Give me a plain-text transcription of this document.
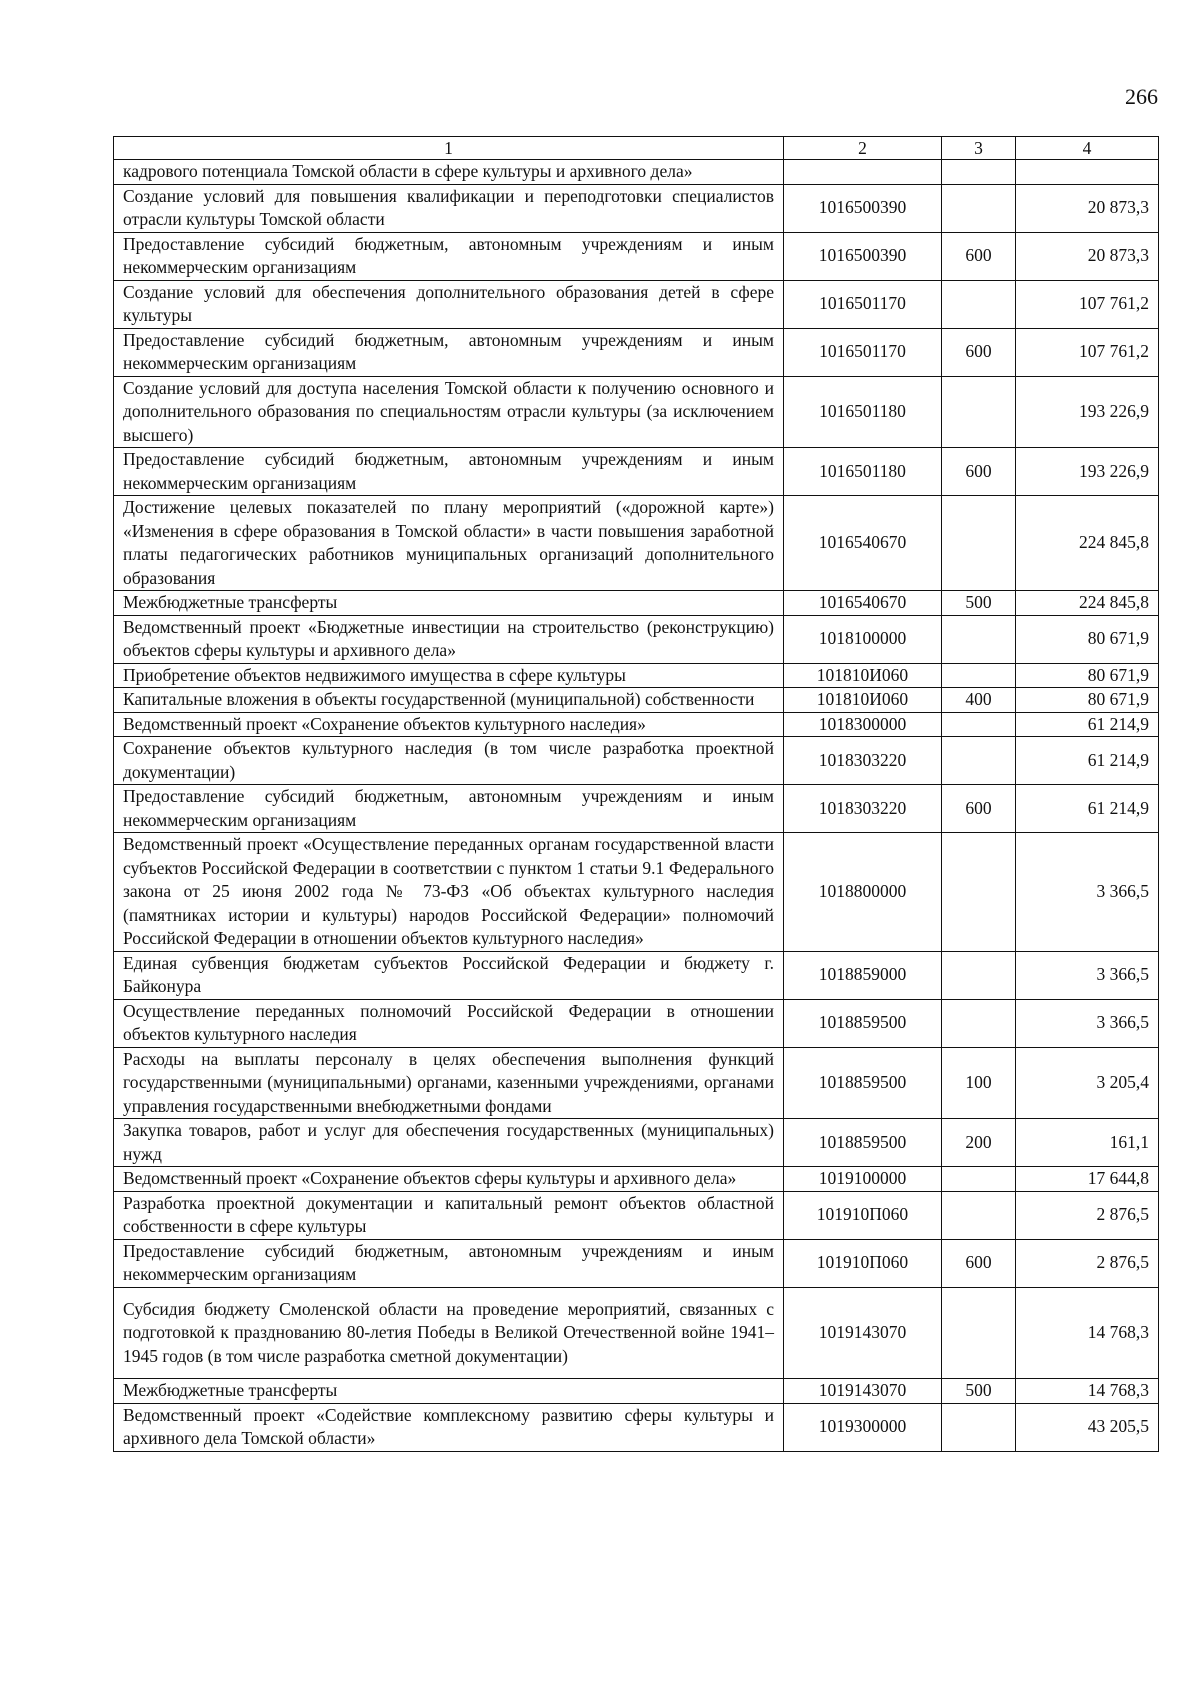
266
1	2	3	4
кадрового потенциала Томской области в сфере культуры и архивного дела»			
Создание условий для повышения квалификации и переподготовки специалистов отрасли культуры Томской области	1016500390		20 873,3
Предоставление субсидий бюджетным, автономным учреждениям и иным некоммерческим организациям	1016500390	600	20 873,3
Создание условий для обеспечения дополнительного образования детей в сфере культуры	1016501170		107 761,2
Предоставление субсидий бюджетным, автономным учреждениям и иным некоммерческим организациям	1016501170	600	107 761,2
Создание условий для доступа населения Томской области к получению основного и дополнительного образования по специальностям отрасли культуры (за исключением высшего)	1016501180		193 226,9
Предоставление субсидий бюджетным, автономным учреждениям и иным некоммерческим организациям	1016501180	600	193 226,9
Достижение целевых показателей по плану мероприятий («дорожной карте») «Изменения в сфере образования в Томской области» в части повышения заработной платы педагогических работников муниципальных организаций дополнительного образования	1016540670		224 845,8
Межбюджетные трансферты	1016540670	500	224 845,8
Ведомственный проект «Бюджетные инвестиции на строительство (реконструкцию) объектов сферы культуры и архивного дела»	1018100000		80 671,9
Приобретение объектов недвижимого имущества в сфере культуры	101810И060		80 671,9
Капитальные вложения в объекты государственной (муниципальной) собственности	101810И060	400	80 671,9
Ведомственный проект «Сохранение объектов культурного наследия»	1018300000		61 214,9
Сохранение объектов культурного наследия (в том числе разработка проектной документации)	1018303220		61 214,9
Предоставление субсидий бюджетным, автономным учреждениям и иным некоммерческим организациям	1018303220	600	61 214,9
Ведомственный проект «Осуществление переданных органам государственной власти субъектов Российской Федерации в соответствии с пунктом 1 статьи 9.1 Федерального закона от 25 июня 2002 года № 73-ФЗ «Об объектах культурного наследия (памятниках истории и культуры) народов Российской Федерации» полномочий Российской Федерации в отношении объектов культурного наследия»	1018800000		3 366,5
Единая субвенция бюджетам субъектов Российской Федерации и бюджету г. Байконура	1018859000		3 366,5
Осуществление переданных полномочий Российской Федерации в отношении объектов культурного наследия	1018859500		3 366,5
Расходы на выплаты персоналу в целях обеспечения выполнения функций государственными (муниципальными) органами, казенными учреждениями, органами управления государственными внебюджетными фондами	1018859500	100	3 205,4
Закупка товаров, работ и услуг для обеспечения государственных (муниципальных) нужд	1018859500	200	161,1
Ведомственный проект «Сохранение объектов сферы культуры и архивного дела»	1019100000		17 644,8
Разработка проектной документации и капитальный ремонт объектов областной собственности в сфере культуры	101910П060		2 876,5
Предоставление субсидий бюджетным, автономным учреждениям и иным некоммерческим организациям	101910П060	600	2 876,5
Субсидия бюджету Смоленской области на проведение мероприятий, связанных с подготовкой к празднованию 80-летия Победы в Великой Отечественной войне 1941–1945 годов (в том числе разработка сметной документации)	1019143070		14 768,3
Межбюджетные трансферты	1019143070	500	14 768,3
Ведомственный проект «Содействие комплексному развитию сферы культуры и архивного дела Томской области»	1019300000		43 205,5
